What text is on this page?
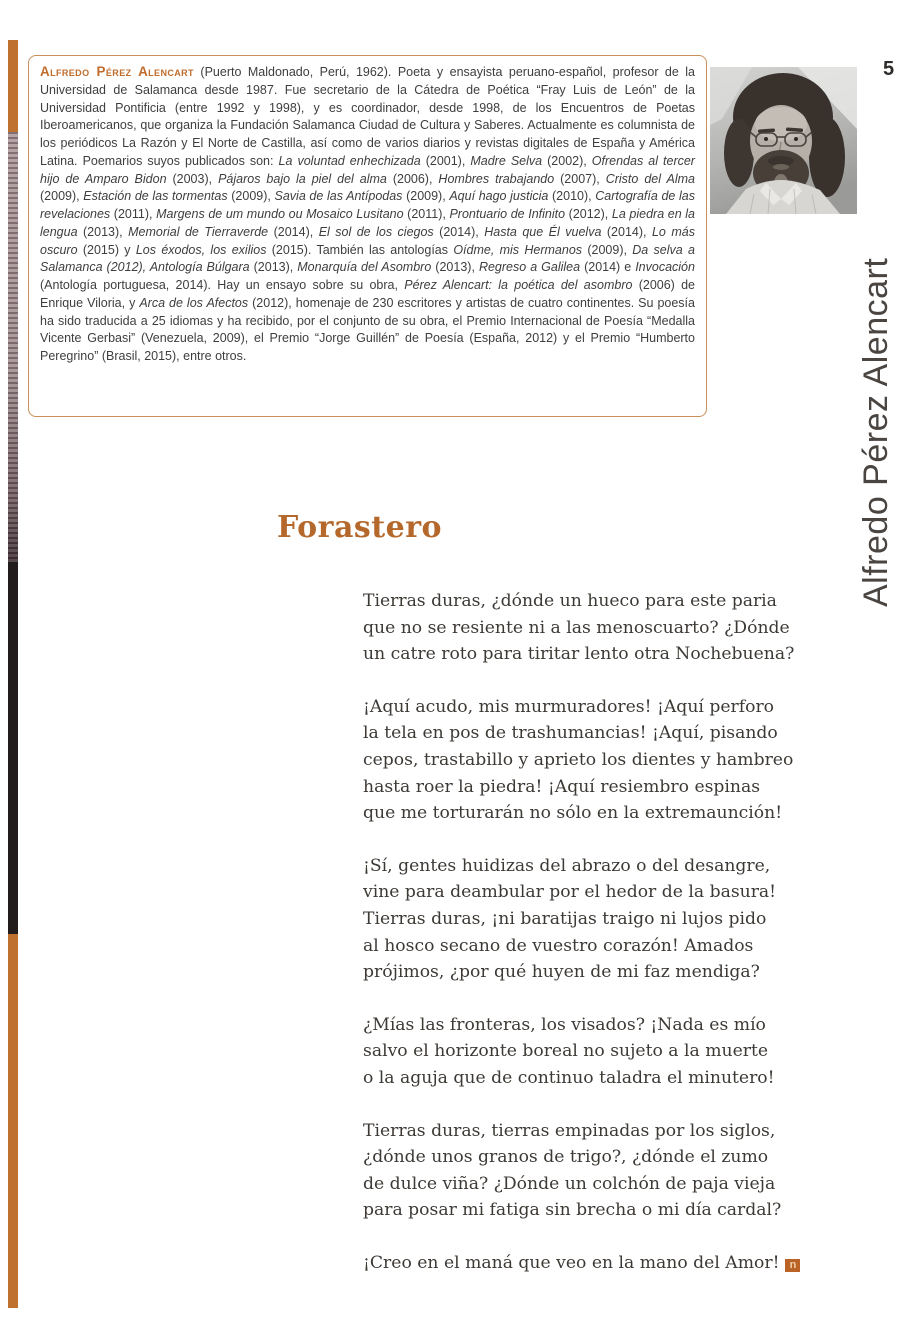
Alfredo Pérez Alencart (Puerto Maldonado, Perú, 1962). Poeta y ensayista peruano-español, profesor de la Universidad de Salamanca desde 1987. Fue secretario de la Cátedra de Poética “Fray Luis de León” de la Universidad Pontificia (entre 1992 y 1998), y es coordinador, desde 1998, de los Encuentros de Poetas Iberoamericanos, que organiza la Fundación Salamanca Ciudad de Cultura y Saberes. Actualmente es columnista de los periódicos La Razón y El Norte de Castilla, así como de varios diarios y revistas digitales de España y América Latina. Poemarios suyos publicados son: La voluntad enhechizada (2001), Madre Selva (2002), Ofrendas al tercer hijo de Amparo Bidon (2003), Pájaros bajo la piel del alma (2006), Hombres trabajando (2007), Cristo del Alma (2009), Estación de las tormentas (2009), Savia de las Antípodas (2009), Aquí hago justicia (2010), Cartografía de las revelaciones (2011), Margens de um mundo ou Mosaico Lusitano (2011), Prontuario de Infinito (2012), La piedra en la lengua (2013), Memorial de Tierraverde (2014), El sol de los ciegos (2014), Hasta que Él vuelva (2014), Lo más oscuro (2015) y Los éxodos, los exilios (2015). También las antologías Oídme, mis Hermanos (2009), Da selva a Salamanca (2012), Antología Búlgara (2013), Monarquía del Asombro (2013), Regreso a Galilea (2014) e Invocación (Antología portuguesa, 2014). Hay un ensayo sobre su obra, Pérez Alencart: la poética del asombro (2006) de Enrique Viloria, y Arca de los Afectos (2012), homenaje de 230 escritores y artistas de cuatro continentes. Su poesía ha sido traducida a 25 idiomas y ha recibido, por el conjunto de su obra, el Premio Internacional de Poesía “Medalla Vicente Gerbasi” (Venezuela, 2009), el Premio “Jorge Guillén” de Poesía (España, 2012) y el Premio “Humberto Peregrino” (Brasil, 2015), entre otros.

5
Alfredo Pérez Alencart
Forastero
Tierras duras, ¿dónde un hueco para este paria
que no se resiente ni a las menoscuarto? ¿Dónde
un catre roto para tiritar lento otra Nochebuena?
¡Aquí acudo, mis murmuradores! ¡Aquí perforo
la tela en pos de trashumancias! ¡Aquí, pisando
cepos, trastabillo y aprieto los dientes y hambreo
hasta roer la piedra! ¡Aquí resiembro espinas
que me torturarán no sólo en la extremaunción!
¡Sí, gentes huidizas del abrazo o del desangre,
vine para deambular por el hedor de la basura!
Tierras duras, ¡ni baratijas traigo ni lujos pido
al hosco secano de vuestro corazón! Amados
prójimos, ¿por qué huyen de mi faz mendiga?
¿Mías las fronteras, los visados? ¡Nada es mío
salvo el horizonte boreal no sujeto a la muerte
o la aguja que de continuo taladra el minutero!
Tierras duras, tierras empinadas por los siglos,
¿dónde unos granos de trigo?, ¿dónde el zumo
de dulce viña? ¿Dónde un colchón de paja vieja
para posar mi fatiga sin brecha o mi día cardal?
¡Creo en el maná que veo en la mano del Amor! n
